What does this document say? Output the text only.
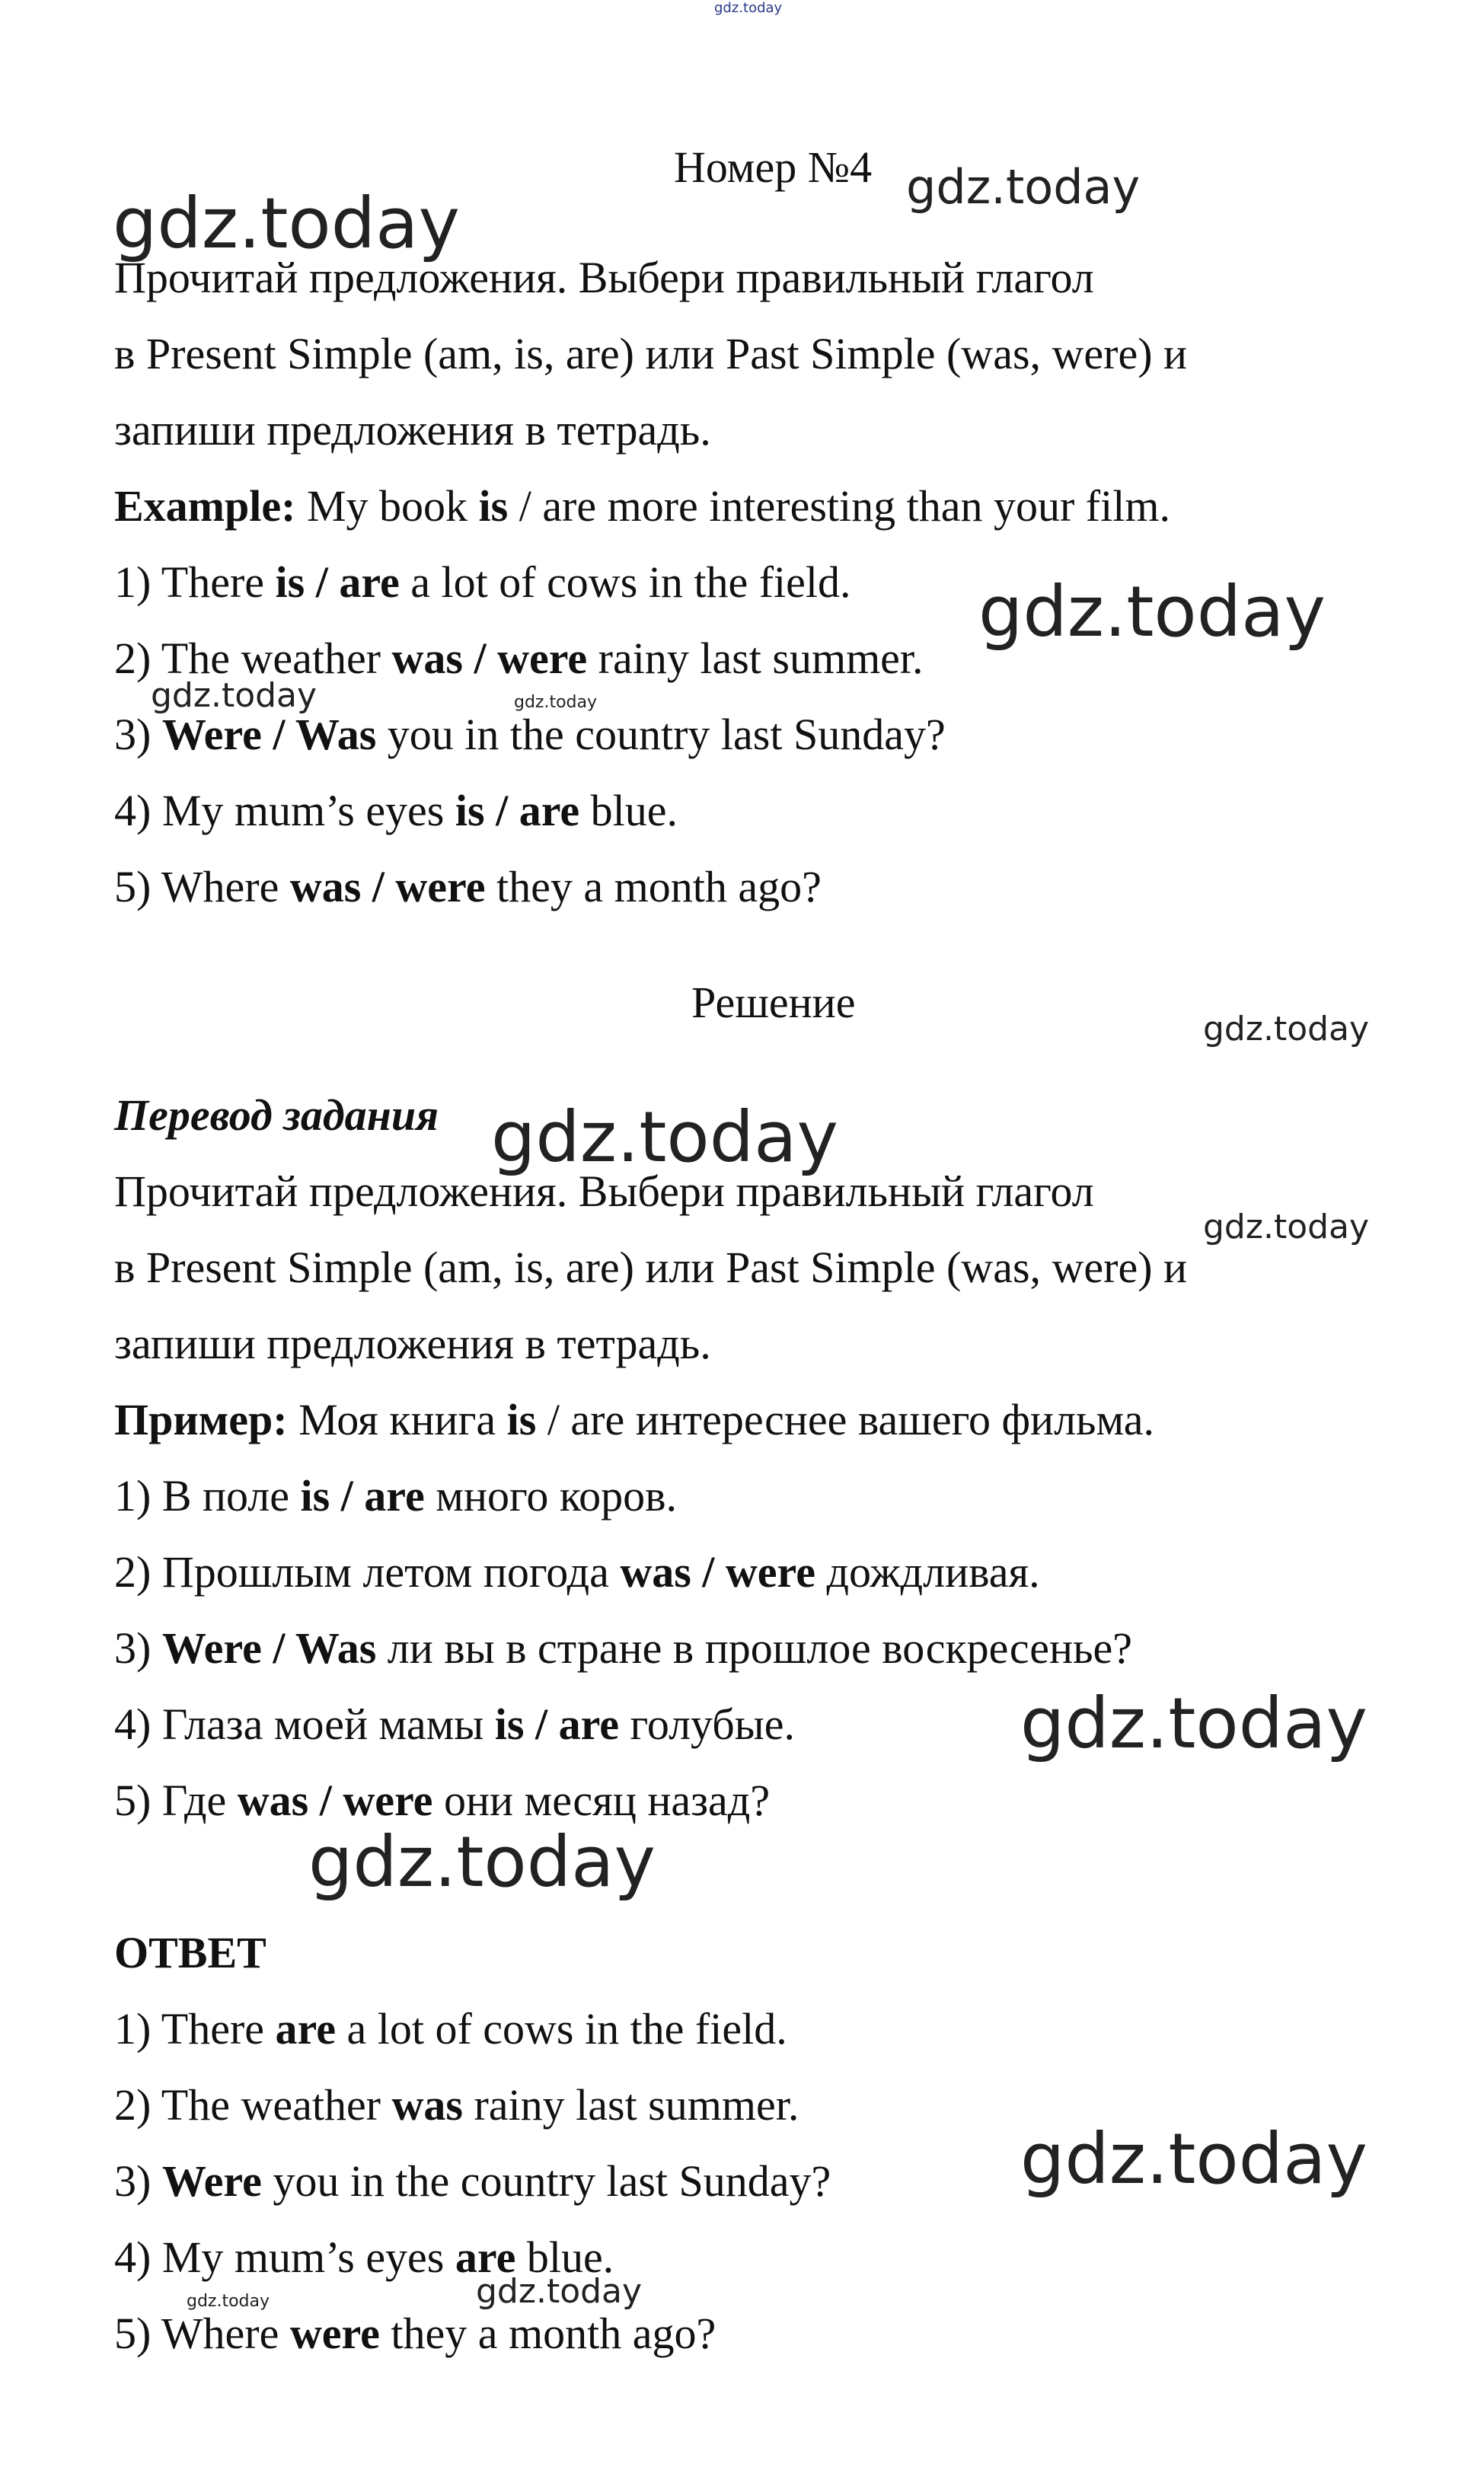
gdz.today
Номер №4 gdz.today
gdz.today
Прочитай предложения. Выбери правильный глагол
в Present Simple (am, is, are) или Past Simple (was, were) и
запиши предложения в тетрадь.
Example: My book is / are more interesting than your film.
1) There is / are a lot of cows in the field. gdz.today
2) The weather was / were rainy last summer.
gdz.today	gdz.today
3) Were / Was you in the country last Sunday?
4) My mum’s eyes is / are blue.
5) Where was / were they a month ago?
Решение
gdz.today
Перевод задания gdz.today
Прочитай предложения. Выбери правильный глагол
gdz.today
в Present Simple (am, is, are) или Past Simple (was, were) и
запиши предложения в тетрадь.
Пример: Моя книга is / are интереснее вашего фильма.
1) В поле is / are много коров.
2) Прошлым летом погода was / were дождливая.
3) Were / Was ли вы в стране в прошлое воскресенье?
4) Глаза моей мамы is / are голубые.	gdz.today
5) Где was / were они месяц назад?
gdz.today
ОТВЕТ
1) There are a lot of cows in the field.
2) The weather was rainy last summer.
gdz.today
3) Were you in the country last Sunday?
4) My mum’s eyes are blue.
gdz.today	gdz.today
5) Where were they a month ago?
